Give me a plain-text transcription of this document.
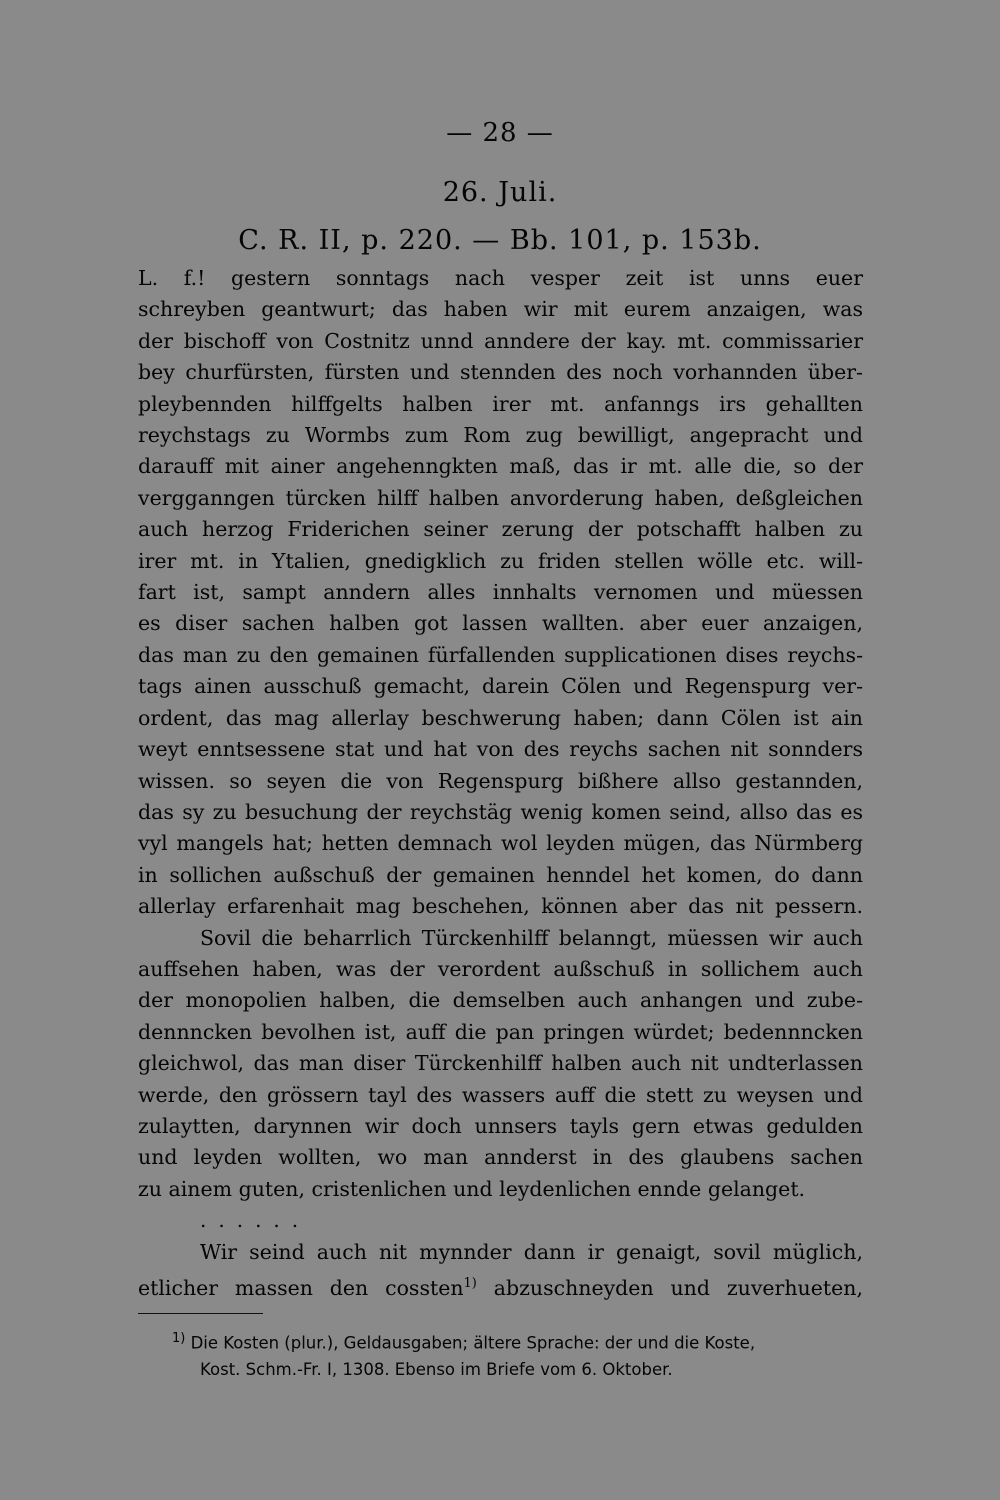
— 28 —
26. Juli.
C. R. II, p. 220. — Bb. 101, p. 153b.
L. f.! gestern sonntags nach vesper zeit ist unns euer
schreyben geantwurt; das haben wir mit eurem anzaigen, was
der bischoff von Costnitz unnd anndere der kay. mt. commissarier
bey churfürsten, fürsten und stennden des noch vorhannden über-
pleybennden hilffgelts halben irer mt. anfanngs irs gehallten
reychstags zu Wormbs zum Rom zug bewilligt, angepracht und
darauff mit ainer angehenngkten maß, das ir mt. alle die, so der
vergganngen türcken hilff halben anvorderung haben, deßgleichen
auch herzog Friderichen seiner zerung der potschafft halben zu
irer mt. in Ytalien, gnedigklich zu friden stellen wölle etc. will-
fart ist, sampt anndern alles innhalts vernomen und müessen
es diser sachen halben got lassen wallten. aber euer anzaigen,
das man zu den gemainen fürfallenden supplicationen dises reychs-
tags ainen ausschuß gemacht, darein Cölen und Regenspurg ver-
ordent, das mag allerlay beschwerung haben; dann Cölen ist ain
weyt enntsessene stat und hat von des reychs sachen nit sonnders
wissen. so seyen die von Regenspurg bißhere allso gestannden,
das sy zu besuchung der reychstäg wenig komen seind, allso das es
vyl mangels hat; hetten demnach wol leyden mügen, das Nürmberg
in sollichen außschuß der gemainen henndel het komen, do dann
allerlay erfarenhait mag beschehen, können aber das nit pessern.
Sovil die beharrlich Türckenhilff belanngt, müessen wir auch
auffsehen haben, was der verordent außschuß in sollichem auch
der monopolien halben, die demselben auch anhangen und zube-
dennncken bevolhen ist, auff die pan pringen würdet; bedennncken
gleichwol, das man diser Türckenhilff halben auch nit undterlassen
werde, den grössern tayl des wassers auff die stett zu weysen und
zulaytten, darynnen wir doch unnsers tayls gern etwas gedulden
und leyden wollten, wo man annderst in des glaubens sachen
zu ainem guten, cristenlichen und leydenlichen ennde gelanget.
......
Wir seind auch nit mynnder dann ir genaigt, sovil müglich,
etlicher massen den cossten$^{1)}$ abzuschneyden und zuverhueten,
$^{1)}$ Die Kosten (plur.), Geldausgaben; ältere Sprache: der und die Koste,
Kost. Schm.-Fr. I, 1308. Ebenso im Briefe vom 6. Oktober.
